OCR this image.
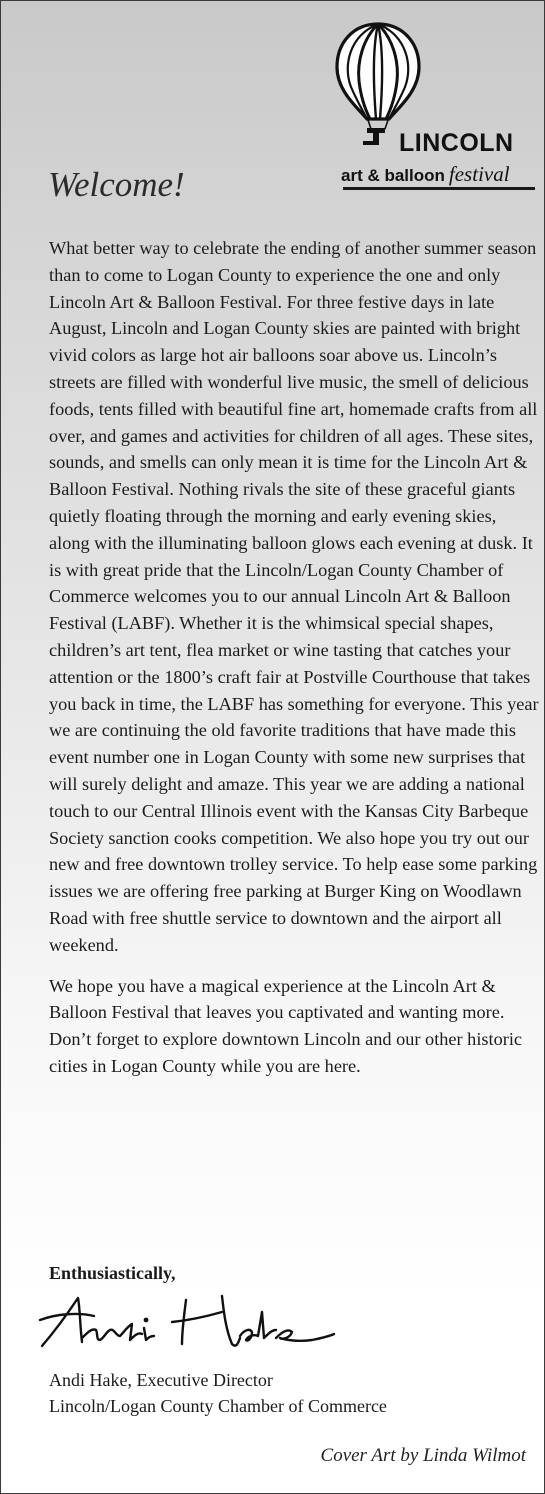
LINCOLN
art & balloon festival
Welcome!

What better way to celebrate the ending of another summer season than to come to Logan County to experience the one and only Lincoln Art & Balloon Festival. For three festive days in late August, Lincoln and Logan County skies are painted with bright vivid colors as large hot air balloons soar above us. Lincoln’s streets are filled with wonderful live music, the smell of delicious foods, tents filled with beautiful fine art, homemade crafts from all over, and games and activities for children of all ages. These sites, sounds, and smells can only mean it is time for the Lincoln Art & Balloon Festival. Nothing rivals the site of these graceful giants quietly floating through the morning and early evening skies, along with the illuminating balloon glows each evening at dusk. It is with great pride that the Lincoln/Logan County Chamber of Commerce welcomes you to our annual Lincoln Art & Balloon Festival (LABF). Whether it is the whimsical special shapes, children’s art tent, flea market or wine tasting that catches your attention or the 1800’s craft fair at Postville Courthouse that takes you back in time, the LABF has something for everyone. This year we are continuing the old favorite traditions that have made this event number one in Logan County with some new surprises that will surely delight and amaze. This year we are adding a national touch to our Central Illinois event with the Kansas City Barbeque Society sanction cooks competition. We also hope you try out our new and free downtown trolley service. To help ease some parking issues we are offering free parking at Burger King on Woodlawn Road with free shuttle service to downtown and the airport all weekend.

We hope you have a magical experience at the Lincoln Art & Balloon Festival that leaves you captivated and wanting more. Don’t forget to explore downtown Lincoln and our other historic cities in Logan County while you are here.

Enthusiastically,
Andi Hake, Executive Director
Lincoln/Logan County Chamber of Commerce
Cover Art by Linda Wilmot
